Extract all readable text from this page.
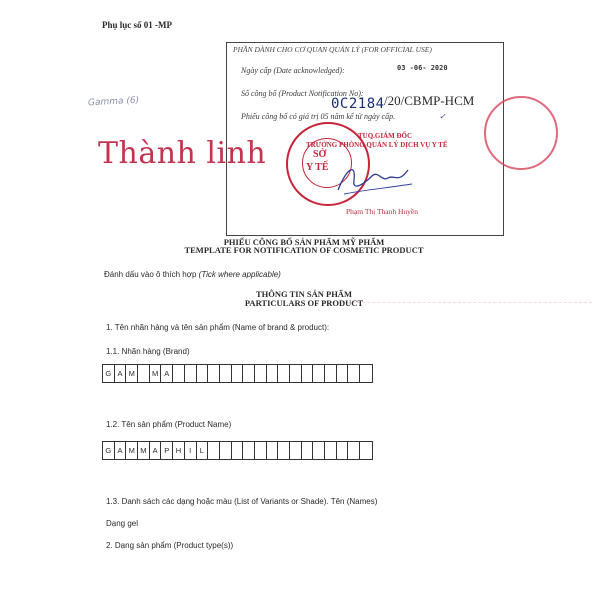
Phụ lục số 01 -MP
Gamma (6)
Thành linh
PHẦN DÀNH CHO CƠ QUAN QUẢN LÝ (FOR OFFICIAL USE)
Ngày cấp (Date acknowledged):	03 -06- 2020
Số công bố (Product Notification No):
0C2184 /20/CBMP-HCM
Phiếu công bố có giá trị 05 năm kể từ ngày cấp.	✓
TUQ.GIÁM ĐỐC
TRƯỞNG PHÒNG QUẢN LÝ DỊCH VỤ Y TẾ
SỞ
Y TẾ
Phạm Thị Thanh Huyền
PHIẾU CÔNG BỐ SẢN PHẨM MỸ PHẨM
TEMPLATE FOR NOTIFICATION OF COSMETIC PRODUCT
Đánh dấu vào ô thích hợp (Tick where applicable)
THÔNG TIN SẢN PHẨM
PARTICULARS OF PRODUCT
1. Tên nhãn hàng và tên sản phẩm (Name of brand & product):
1.1. Nhãn hàng (Brand)
G A M	M A
1.2. Tên sản phẩm (Product Name)
G A M M A P H	I	L
1.3. Danh sách các dạng hoặc màu (List of Variants or Shade). Tên (Names)
Dạng gel
2. Dạng sản phẩm (Product type(s))
